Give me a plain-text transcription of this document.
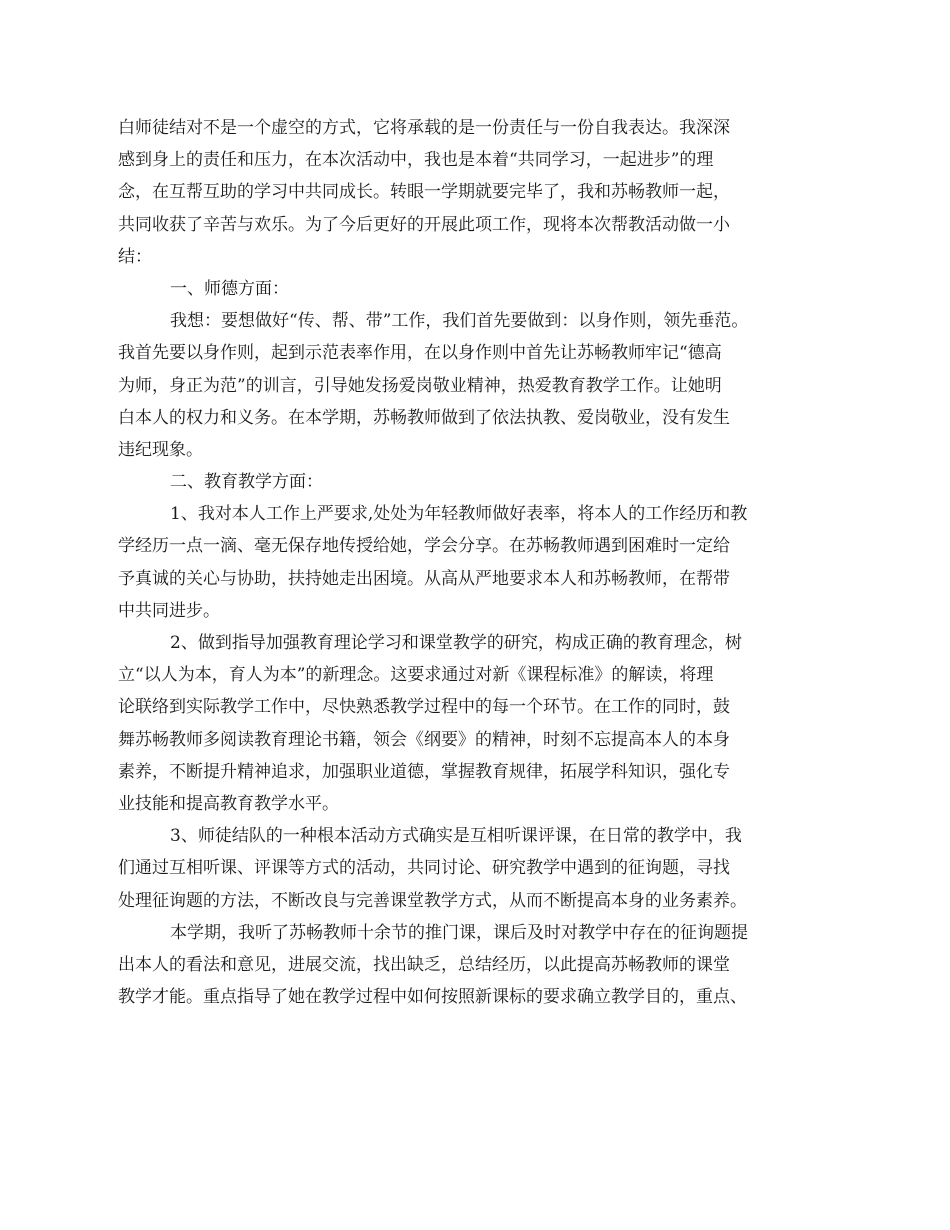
白师徒结对不是一个虚空的方式，它将承载的是一份责任与一份自我表达。我深深
感到身上的责任和压力，在本次活动中，我也是本着“共同学习，一起进步”的理
念，在互帮互助的学习中共同成长。转眼一学期就要完毕了，我和苏畅教师一起，
共同收获了辛苦与欢乐。为了今后更好的开展此项工作，现将本次帮教活动做一小
结：
一、师德方面：
我想：要想做好“传、帮、带”工作，我们首先要做到：以身作则，领先垂范。
我首先要以身作则，起到示范表率作用，在以身作则中首先让苏畅教师牢记“德高
为师，身正为范”的训言，引导她发扬爱岗敬业精神，热爱教育教学工作。让她明
白本人的权力和义务。在本学期，苏畅教师做到了依法执教、爱岗敬业，没有发生
违纪现象。
二、教育教学方面：
1、我对本人工作上严要求,处处为年轻教师做好表率，将本人的工作经历和教
学经历一点一滴、毫无保存地传授给她，学会分享。在苏畅教师遇到困难时一定给
予真诚的关心与协助，扶持她走出困境。从高从严地要求本人和苏畅教师，在帮带
中共同进步。
2、做到指导加强教育理论学习和课堂教学的研究，构成正确的教育理念，树
立“以人为本，育人为本”的新理念。这要求通过对新《课程标准》的解读，将理
论联络到实际教学工作中，尽快熟悉教学过程中的每一个环节。在工作的同时，鼓
舞苏畅教师多阅读教育理论书籍，领会《纲要》的精神，时刻不忘提高本人的本身
素养，不断提升精神追求，加强职业道德，掌握教育规律，拓展学科知识，强化专
业技能和提高教育教学水平。
3、师徒结队的一种根本活动方式确实是互相听课评课，在日常的教学中，我
们通过互相听课、评课等方式的活动，共同讨论、研究教学中遇到的征询题，寻找
处理征询题的方法，不断改良与完善课堂教学方式，从而不断提高本身的业务素养。
本学期，我听了苏畅教师十余节的推门课，课后及时对教学中存在的征询题提
出本人的看法和意见，进展交流，找出缺乏，总结经历，以此提高苏畅教师的课堂
教学才能。重点指导了她在教学过程中如何按照新课标的要求确立教学目的，重点、
